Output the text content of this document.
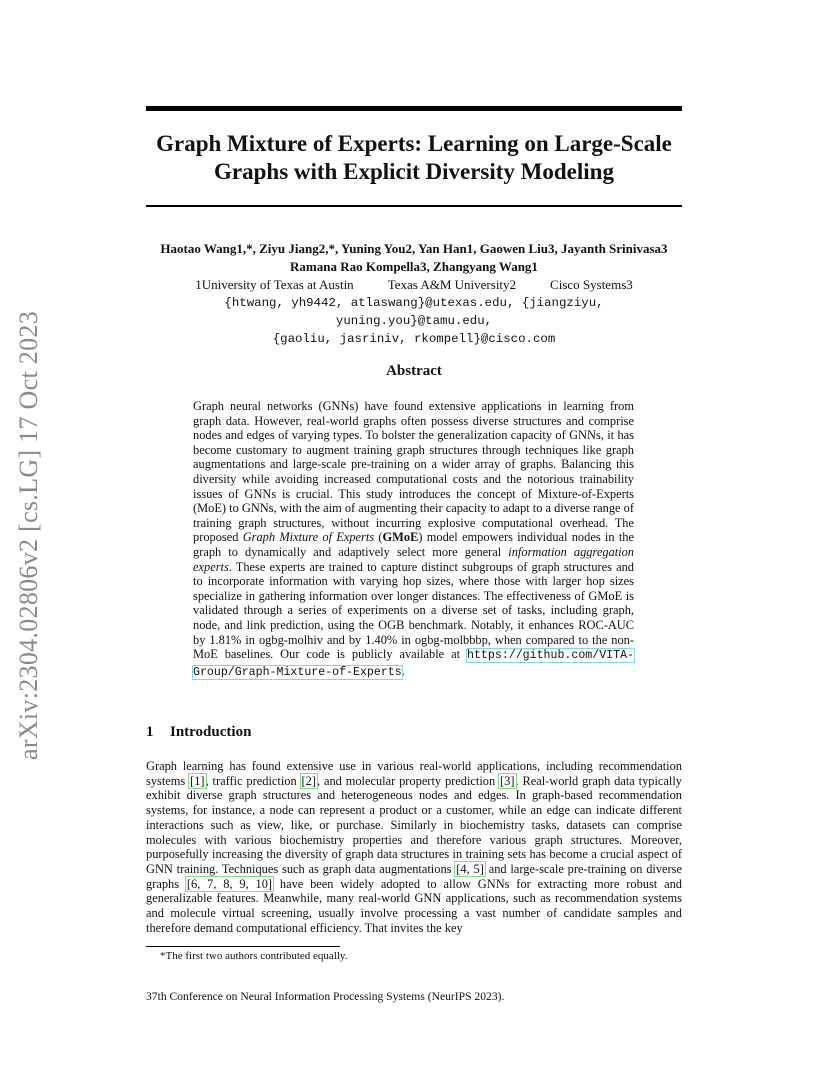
arXiv:2304.02806v2 [cs.LG] 17 Oct 2023
Graph Mixture of Experts: Learning on Large-Scale Graphs with Explicit Diversity Modeling
Haotao Wang1,*, Ziyu Jiang2,*, Yuning You2, Yan Han1, Gaowen Liu3, Jayanth Srinivasa3
Ramana Rao Kompella3, Zhangyang Wang1
1University of Texas at Austin	Texas A&M University2	Cisco Systems3
{htwang, yh9442, atlaswang}@utexas.edu, {jiangziyu, yuning.you}@tamu.edu,
{gaoliu, jasriniv, rkompell}@cisco.com
Abstract
Graph neural networks (GNNs) have found extensive applications in learning from graph data. However, real-world graphs often possess diverse structures and comprise nodes and edges of varying types. To bolster the generalization capacity of GNNs, it has become customary to augment training graph structures through techniques like graph augmentations and large-scale pre-training on a wider array of graphs. Balancing this diversity while avoiding increased computational costs and the notorious trainability issues of GNNs is crucial. This study introduces the concept of Mixture-of-Experts (MoE) to GNNs, with the aim of augmenting their capacity to adapt to a diverse range of training graph structures, without incurring explosive computational overhead. The proposed Graph Mixture of Experts (GMoE) model empowers individual nodes in the graph to dynamically and adaptively select more general information aggregation experts. These experts are trained to capture distinct subgroups of graph structures and to incorporate information with varying hop sizes, where those with larger hop sizes specialize in gathering information over longer distances. The effectiveness of GMoE is validated through a series of experiments on a diverse set of tasks, including graph, node, and link prediction, using the OGB benchmark. Notably, it enhances ROC-AUC by 1.81% in ogbg-molhiv and by 1.40% in ogbg-molbbbp, when compared to the non-MoE baselines. Our code is publicly available at https://github.com/VITA-Group/Graph-Mixture-of-Experts.
1 Introduction
Graph learning has found extensive use in various real-world applications, including recommendation systems [1], traffic prediction [2], and molecular property prediction [3]. Real-world graph data typically exhibit diverse graph structures and heterogeneous nodes and edges. In graph-based recommendation systems, for instance, a node can represent a product or a customer, while an edge can indicate different interactions such as view, like, or purchase. Similarly in biochemistry tasks, datasets can comprise molecules with various biochemistry properties and therefore various graph structures. Moreover, purposefully increasing the diversity of graph data structures in training sets has become a crucial aspect of GNN training. Techniques such as graph data augmentations [4, 5] and large-scale pre-training on diverse graphs [6, 7, 8, 9, 10] have been widely adopted to allow GNNs for extracting more robust and generalizable features. Meanwhile, many real-world GNN applications, such as recommendation systems and molecule virtual screening, usually involve processing a vast number of candidate samples and therefore demand computational efficiency. That invites the key
*The first two authors contributed equally.
37th Conference on Neural Information Processing Systems (NeurIPS 2023).
